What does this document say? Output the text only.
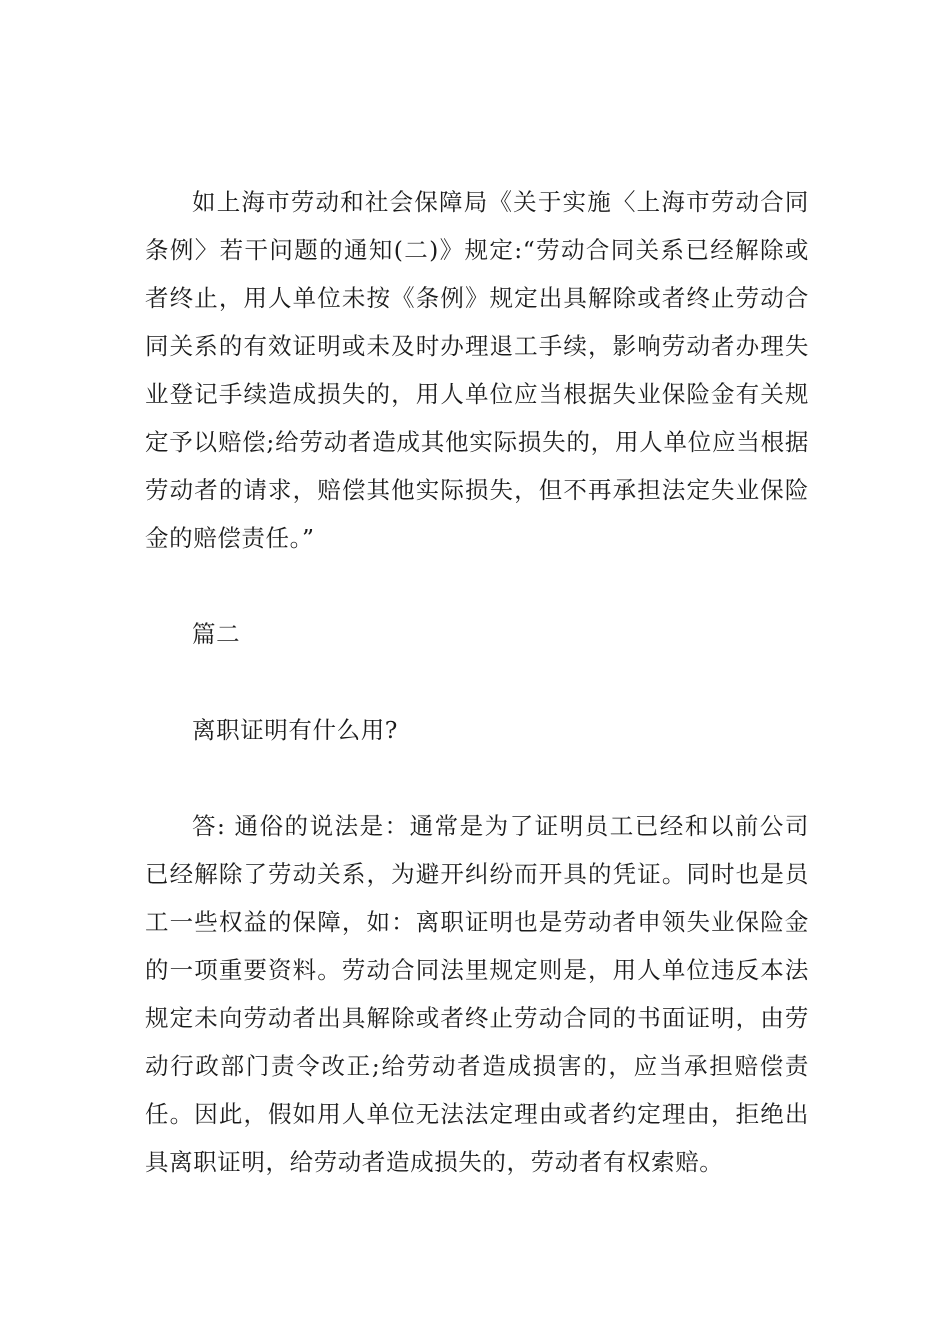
如上海市劳动和社会保障局《关于实施〈上海市劳动合同条例〉若干问题的通知(二)》规定:“劳动合同关系已经解除或者终止，用人单位未按《条例》规定出具解除或者终止劳动合同关系的有效证明或未及时办理退工手续，影响劳动者办理失业登记手续造成损失的，用人单位应当根据失业保险金有关规定予以赔偿;给劳动者造成其他实际损失的，用人单位应当根据劳动者的请求，赔偿其他实际损失，但不再承担法定失业保险金的赔偿责任。”

篇二

离职证明有什么用?

答: 通俗的说法是：通常是为了证明员工已经和以前公司已经解除了劳动关系，为避开纠纷而开具的凭证。同时也是员工一些权益的保障，如：离职证明也是劳动者申领失业保险金的一项重要资料。劳动合同法里规定则是，用人单位违反本法规定未向劳动者出具解除或者终止劳动合同的书面证明，由劳动行政部门责令改正;给劳动者造成损害的，应当承担赔偿责任。因此，假如用人单位无法法定理由或者约定理由，拒绝出具离职证明，给劳动者造成损失的，劳动者有权索赔。
